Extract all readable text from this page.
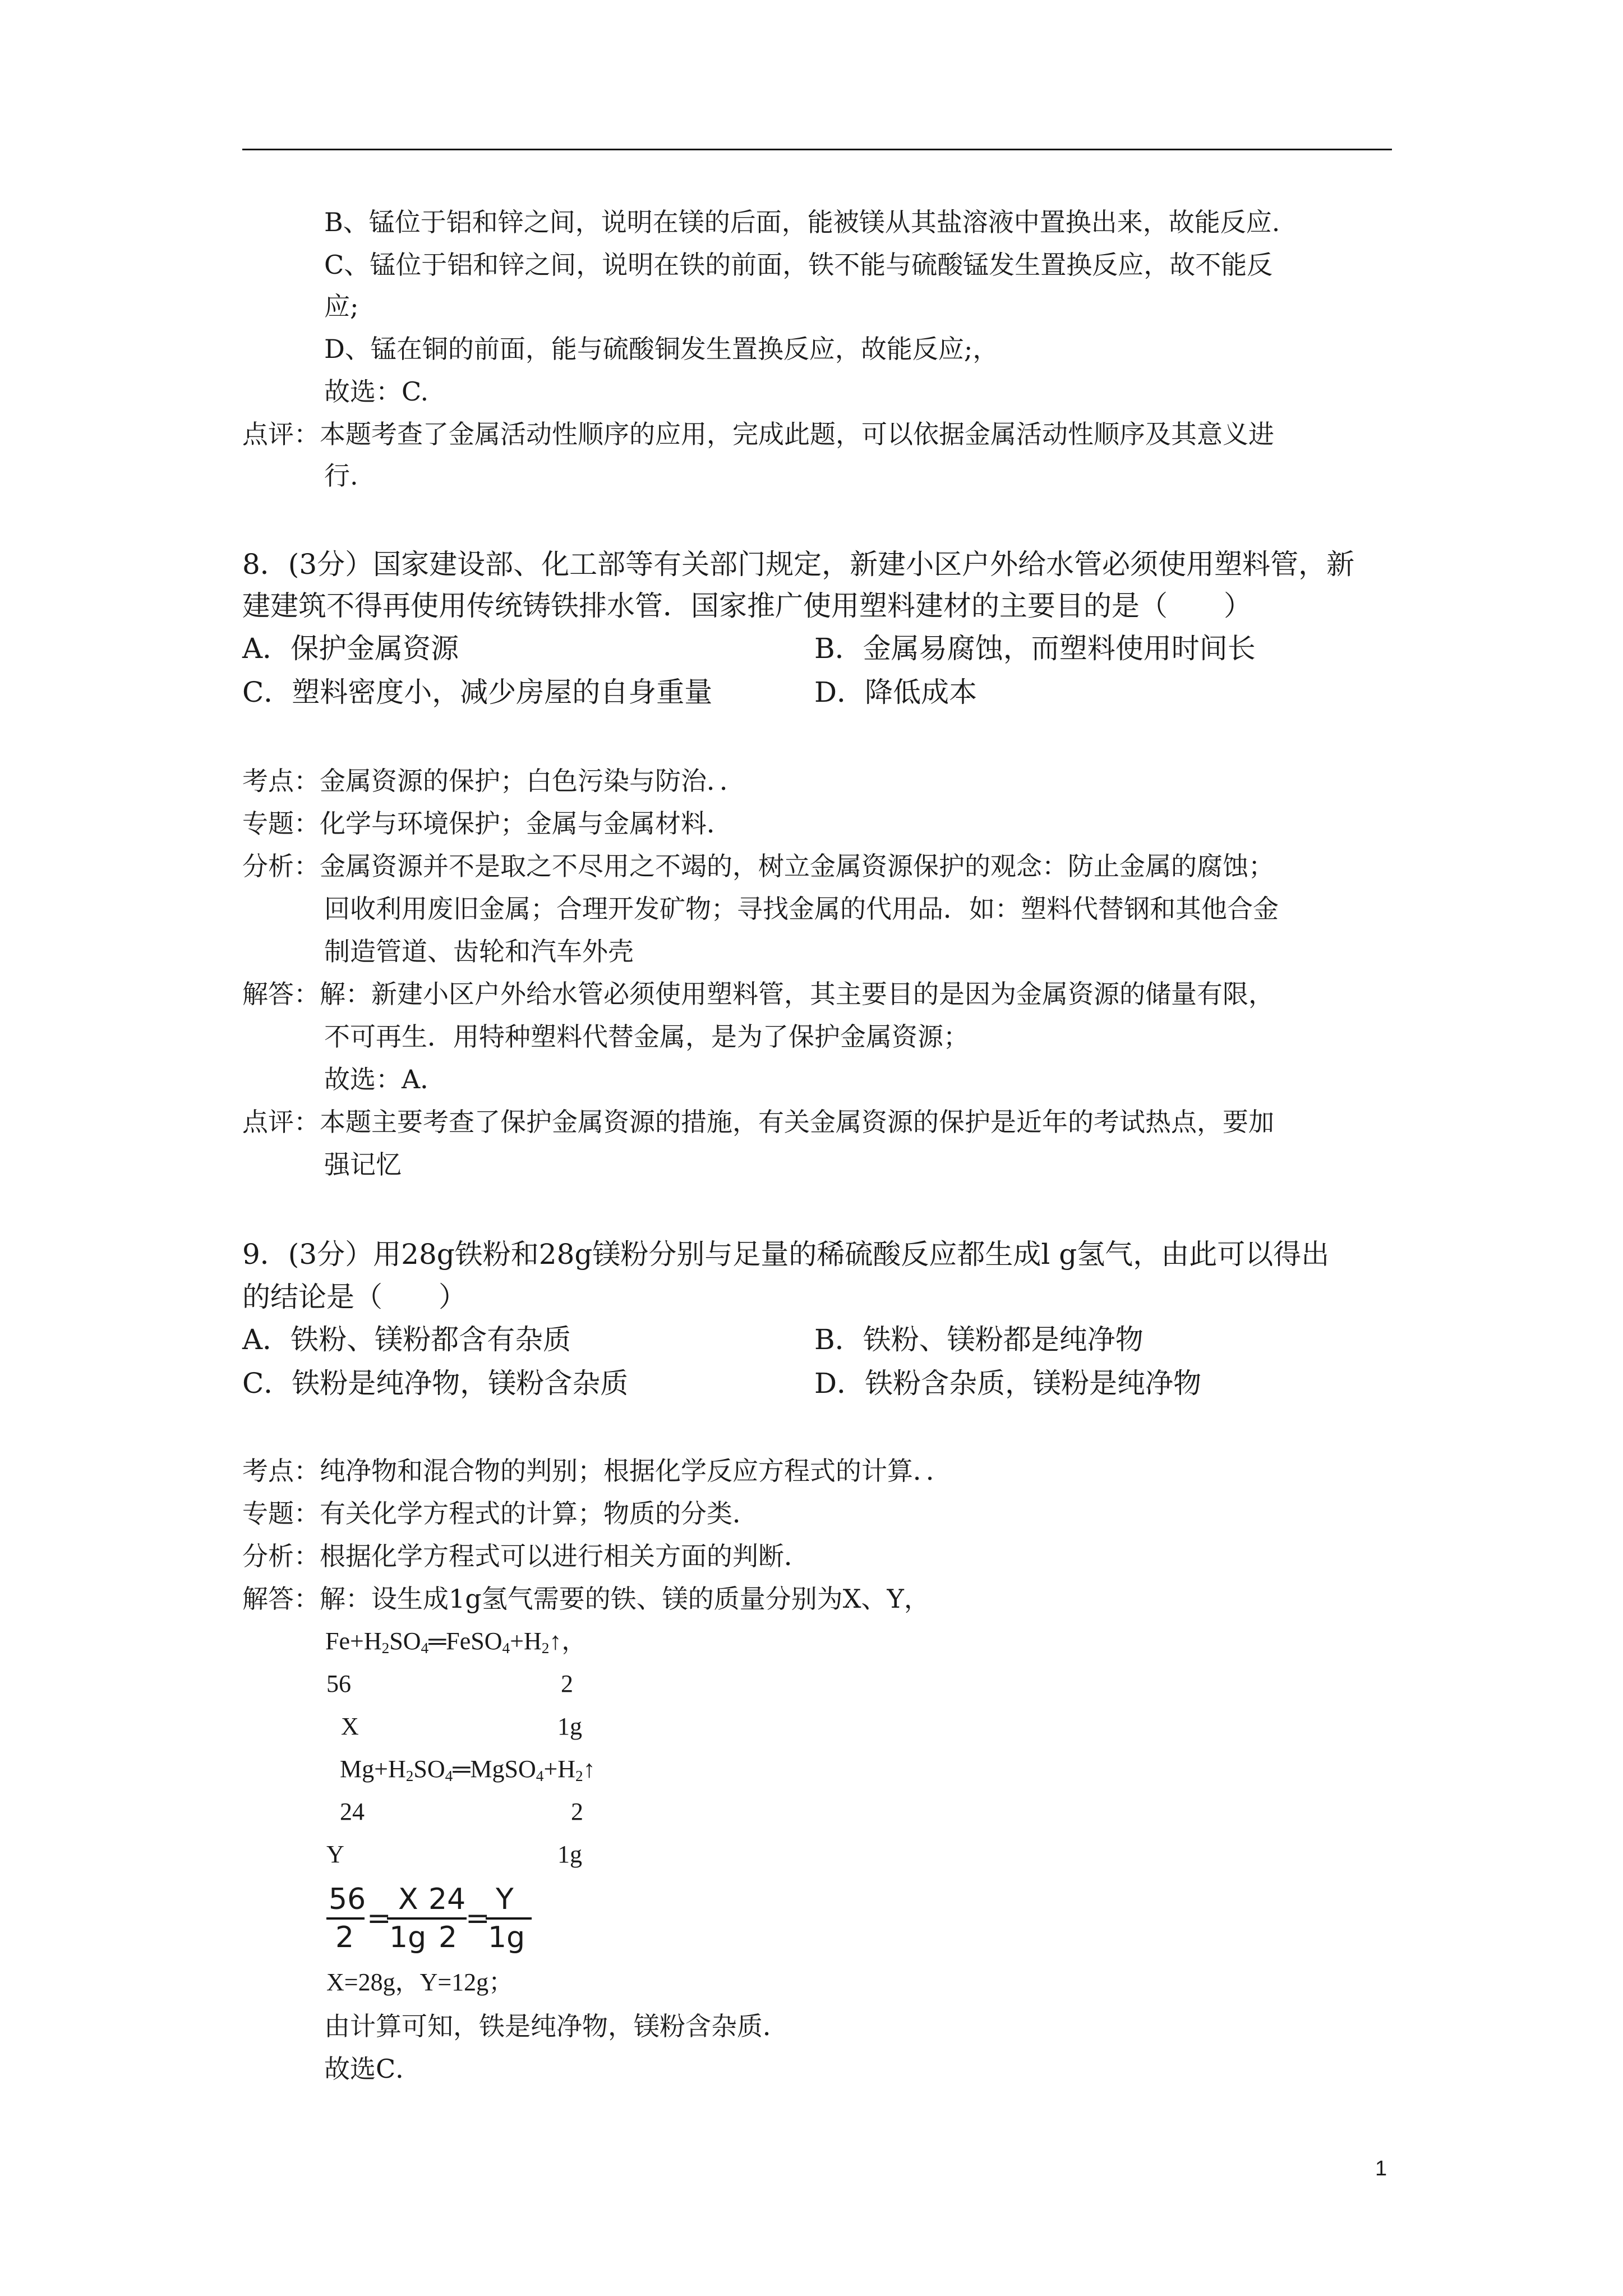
B、锰位于铝和锌之间，说明在镁的后面，能被镁从其盐溶液中置换出来，故能反应.
C、锰位于铝和锌之间，说明在铁的前面，铁不能与硫酸锰发生置换反应，故不能反
应;
D、锰在铜的前面，能与硫酸铜发生置换反应，故能反应;，
故选：C.
点评：本题考查了金属活动性顺序的应用，完成此题，可以依据金属活动性顺序及其意义进
行.
8．(3分）国家建设部、化工部等有关部门规定，新建小区户外给水管必须使用塑料管，新
建建筑不得再使用传统铸铁排水管．国家推广使用塑料建材的主要目的是（　　）
A．保护金属资源	B．金属易腐蚀，而塑料使用时间长
C．塑料密度小，减少房屋的自身重量	D．降低成本
考点：金属资源的保护；白色污染与防治．．
专题：化学与环境保护；金属与金属材料．
分析：金属资源并不是取之不尽用之不竭的，树立金属资源保护的观念：防止金属的腐蚀；
回收利用废旧金属；合理开发矿物；寻找金属的代用品．如：塑料代替钢和其他合金
制造管道、齿轮和汽车外壳
解答：解：新建小区户外给水管必须使用塑料管，其主要目的是因为金属资源的储量有限，
不可再生．用特种塑料代替金属，是为了保护金属资源；
故选：A．
点评：本题主要考查了保护金属资源的措施，有关金属资源的保护是近年的考试热点，要加
强记忆
9．(3分）用28g铁粉和28g镁粉分别与足量的稀硫酸反应都生成l g氢气，由此可以得出
的结论是（　　）
A．铁粉、镁粉都含有杂质	B．铁粉、镁粉都是纯净物
C．铁粉是纯净物，镁粉含杂质	D．铁粉含杂质，镁粉是纯净物
考点：纯净物和混合物的判别；根据化学反应方程式的计算．．
专题：有关化学方程式的计算；物质的分类．
分析：根据化学方程式可以进行相关方面的判断．
解答：解：设生成1g氢气需要的铁、镁的质量分别为X、Y，
$Fe+H_2SO_4═FeSO_4+H_2↑$，
56	2
X	1g
$Mg+H_2SO_4═MgSO_4+H_2↑$
24	2
Y	1g
56
2
=
X
1g
24
2
=
Y
1g
X=28g，Y=12g；
由计算可知，铁是纯净物，镁粉含杂质．
故选C．
1
